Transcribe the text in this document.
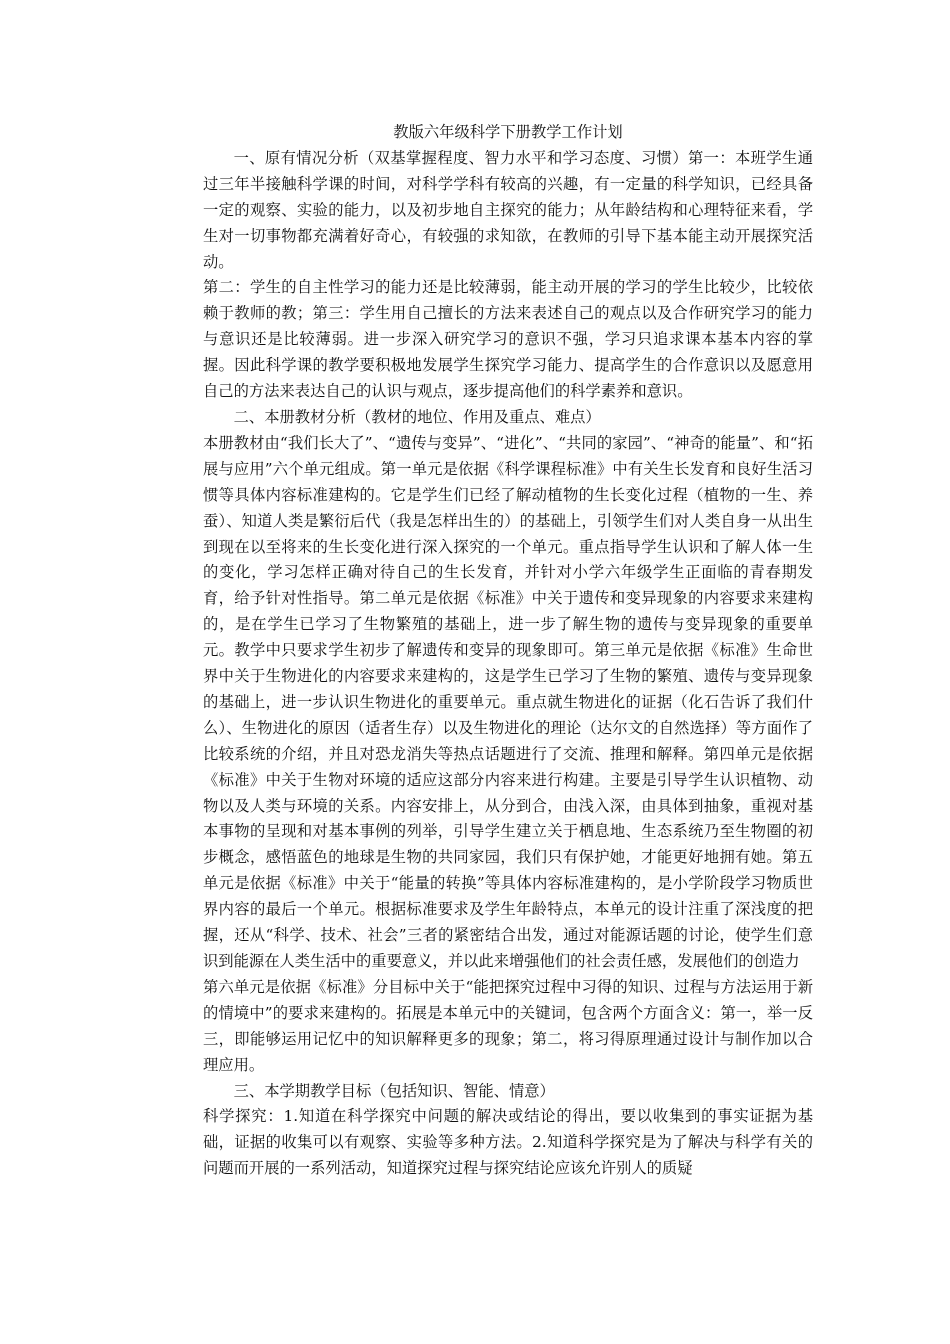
教版六年级科学下册教学工作计划

一、原有情况分析（双基掌握程度、智力水平和学习态度、习惯）第一：本班学生通过三年半接触科学课的时间，对科学学科有较高的兴趣，有一定量的科学知识，已经具备一定的观察、实验的能力，以及初步地自主探究的能力；从年龄结构和心理特征来看，学生对一切事物都充满着好奇心，有较强的求知欲，在教师的引导下基本能主动开展探究活动。

第二：学生的自主性学习的能力还是比较薄弱，能主动开展的学习的学生比较少，比较依赖于教师的教；第三：学生用自己擅长的方法来表述自己的观点以及合作研究学习的能力与意识还是比较薄弱。进一步深入研究学习的意识不强，学习只追求课本基本内容的掌握。因此科学课的教学要积极地发展学生探究学习能力、提高学生的合作意识以及愿意用自己的方法来表达自己的认识与观点，逐步提高他们的科学素养和意识。

二、本册教材分析（教材的地位、作用及重点、难点）

本册教材由“我们长大了”、“遗传与变异”、“进化”、“共同的家园”、“神奇的能量”、和“拓展与应用”六个单元组成。第一单元是依据《科学课程标准》中有关生长发育和良好生活习惯等具体内容标准建构的。它是学生们已经了解动植物的生长变化过程（植物的一生、养蚕）、知道人类是繁衍后代（我是怎样出生的）的基础上，引领学生们对人类自身一从出生到现在以至将来的生长变化进行深入探究的一个单元。重点指导学生认识和了解人体一生的变化，学习怎样正确对待自己的生长发育，并针对小学六年级学生正面临的青春期发育，给予针对性指导。第二单元是依据《标准》中关于遗传和变异现象的内容要求来建构的，是在学生已学习了生物繁殖的基础上，进一步了解生物的遗传与变异现象的重要单元。教学中只要求学生初步了解遗传和变异的现象即可。第三单元是依据《标准》生命世界中关于生物进化的内容要求来建构的，这是学生已学习了生物的繁殖、遗传与变异现象的基础上，进一步认识生物进化的重要单元。重点就生物进化的证据（化石告诉了我们什么）、生物进化的原因（适者生存）以及生物进化的理论（达尔文的自然选择）等方面作了比较系统的介绍，并且对恐龙消失等热点话题进行了交流、推理和解释。第四单元是依据《标准》中关于生物对环境的适应这部分内容来进行构建。主要是引导学生认识植物、动物以及人类与环境的关系。内容安排上，从分到合，由浅入深，由具体到抽象，重视对基本事物的呈现和对基本事例的列举，引导学生建立关于栖息地、生态系统乃至生物圈的初步概念，感悟蓝色的地球是生物的共同家园，我们只有保护她，才能更好地拥有她。第五单元是依据《标准》中关于“能量的转换”等具体内容标准建构的，是小学阶段学习物质世界内容的最后一个单元。根据标准要求及学生年龄特点，本单元的设计注重了深浅度的把握，还从“科学、技术、社会”三者的紧密结合出发，通过对能源话题的讨论，使学生们意识到能源在人类生活中的重要意义，并以此来增强他们的社会责任感，发展他们的创造力

第六单元是依据《标准》分目标中关于“能把探究过程中习得的知识、过程与方法运用于新的情境中”的要求来建构的。拓展是本单元中的关键词，包含两个方面含义：第一，举一反　　三，即能够运用记忆中的知识解释更多的现象；第二，将习得原理通过设计与制作加以合理应用。

三、本学期教学目标（包括知识、智能、情意）

科学探究：1.知道在科学探究中问题的解决或结论的得出，要以收集到的事实证据为基础，证据的收集可以有观察、实验等多种方法。2.知道科学探究是为了解决与科学有关的问题而开展的一系列活动，知道探究过程与探究结论应该允许别人的质疑
